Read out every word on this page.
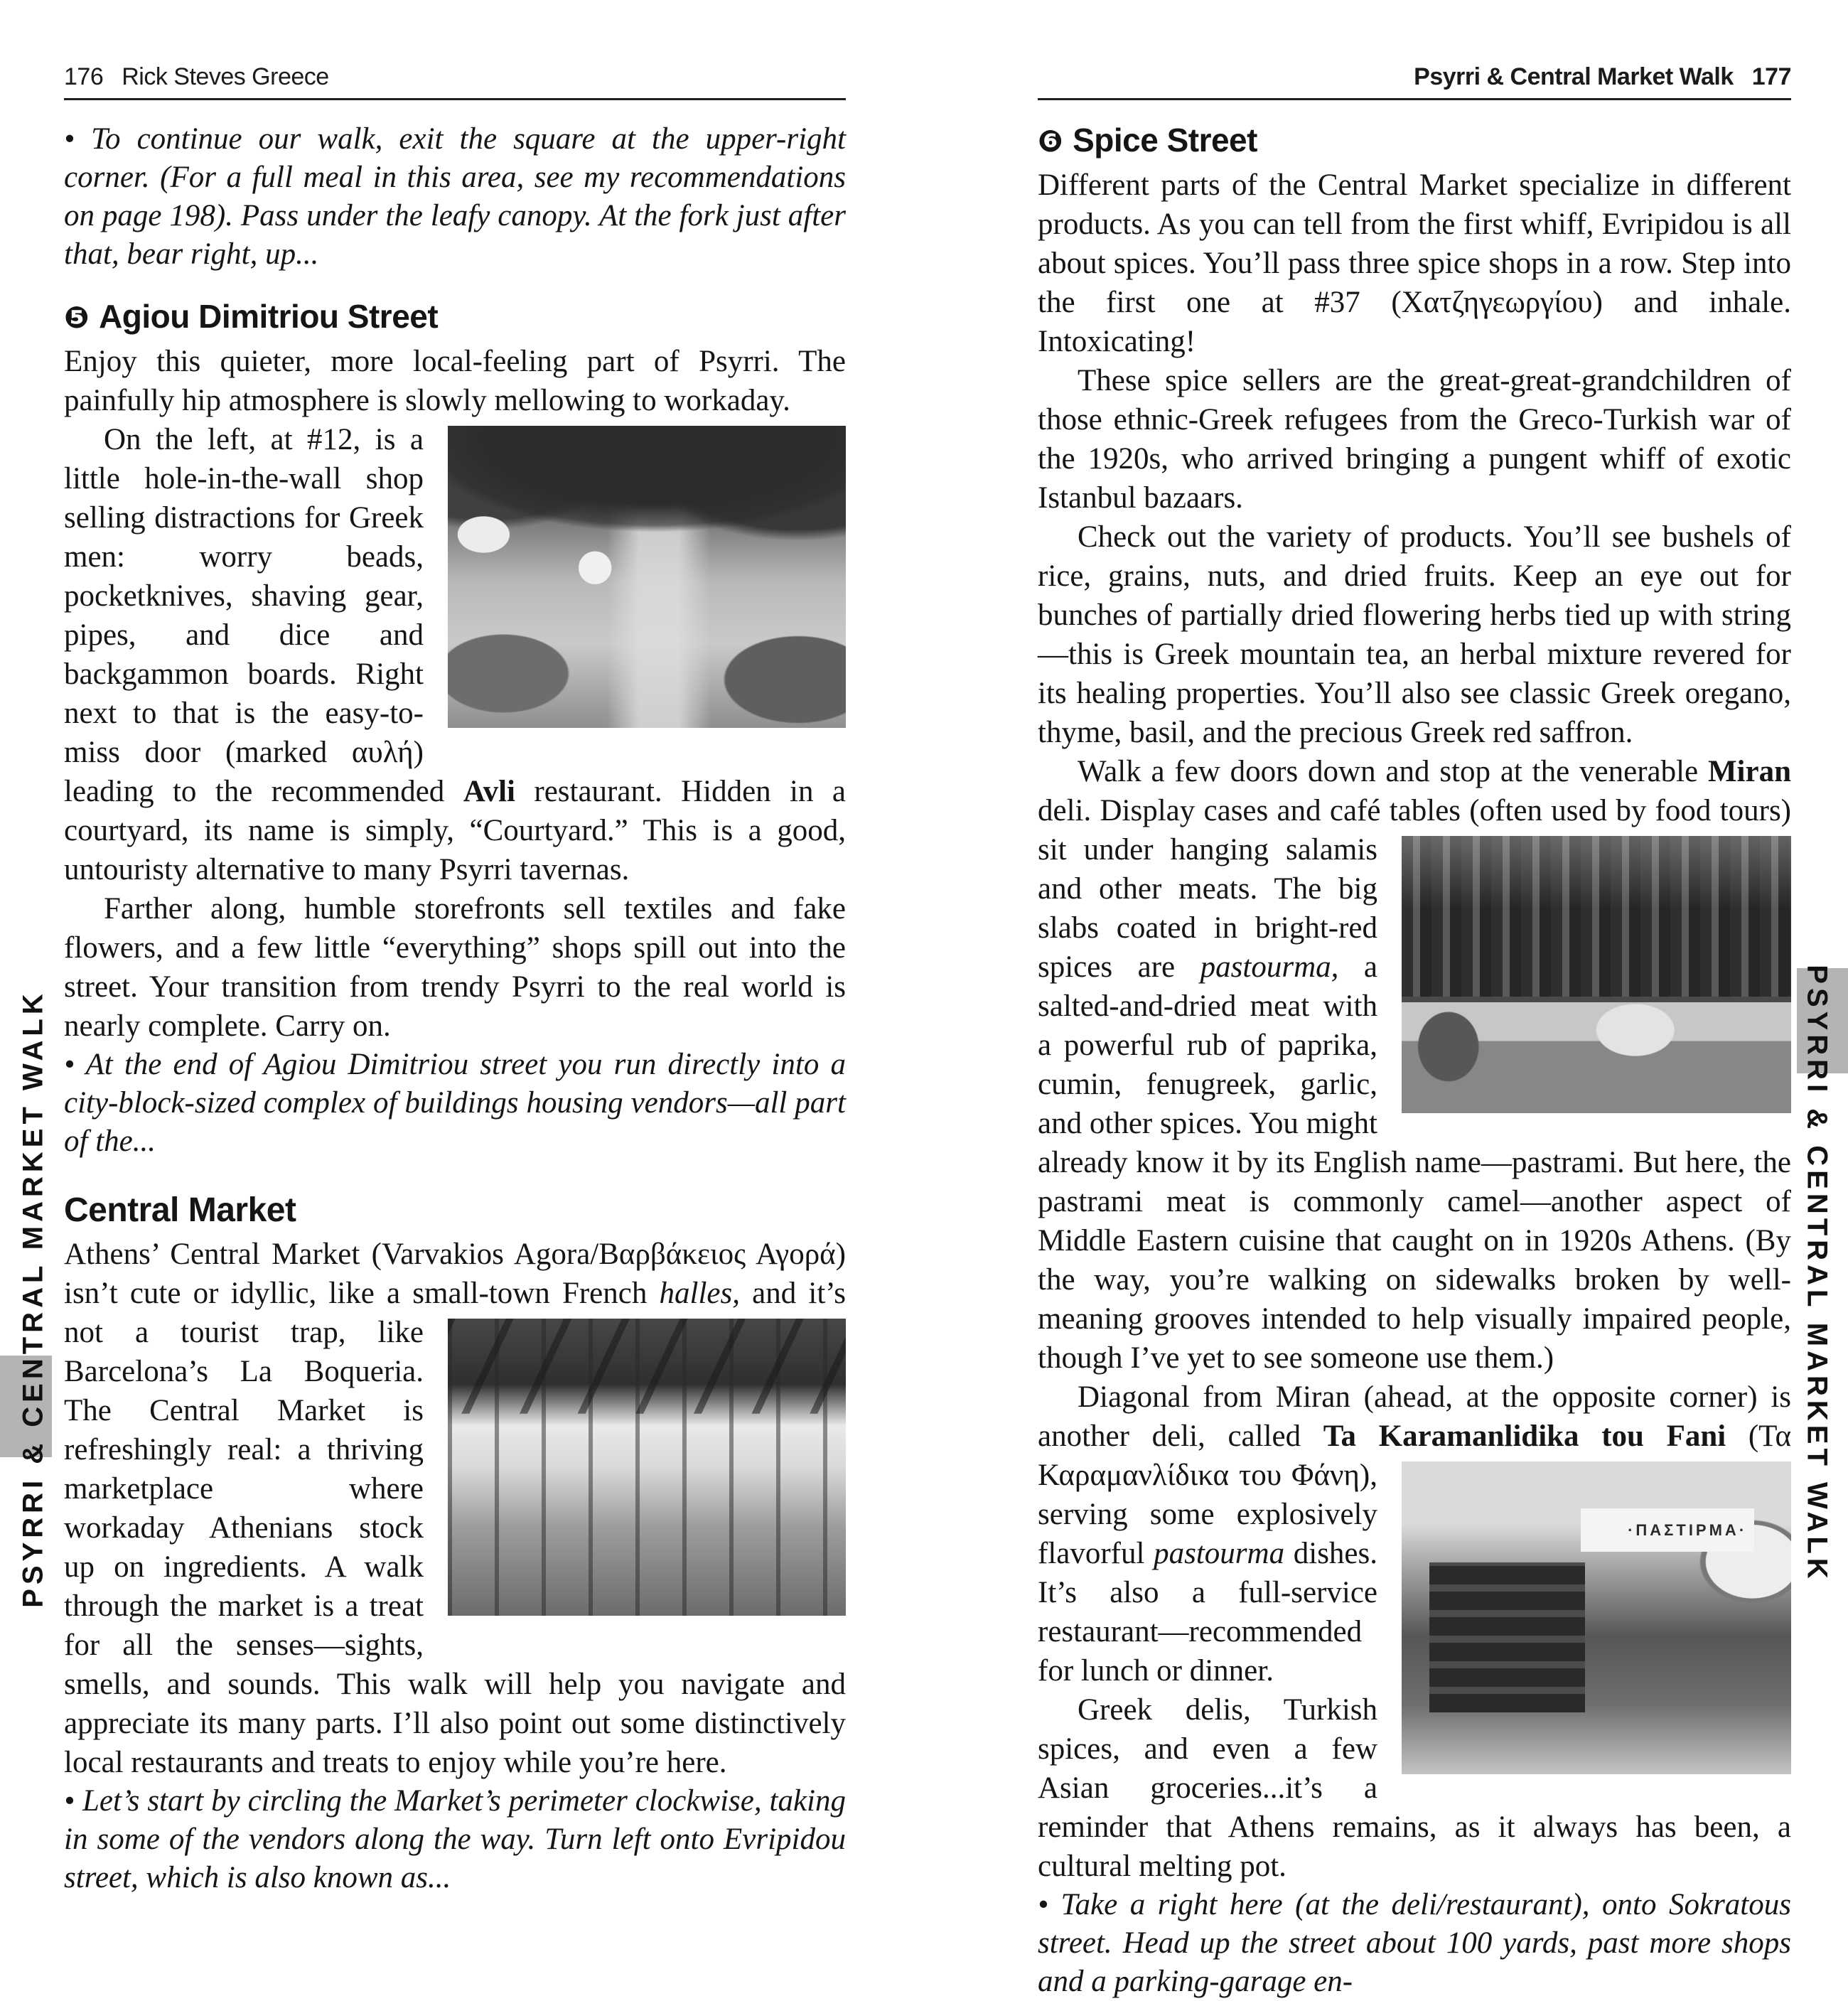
176 Rick Steves Greece

• To continue our walk, exit the square at the upper-right corner. (For a full meal in this area, see my recommendations on page 198). Pass under the leafy canopy. At the fork just after that, bear right, up...

❺ Agiou Dimitriou Street

Enjoy this quieter, more local-feeling part of Psyrri. The painfully hip atmosphere is slowly mellowing to workaday.

On the left, at #12, is a little hole-in-the-wall shop selling distractions for Greek men: worry beads, pocketknives, shaving gear, pipes, and dice and backgammon boards. Right next to that is the easy-to-miss door (marked αυλή) leading to the recommended Avli restaurant. Hidden in a courtyard, its name is simply, “Courtyard.” This is a good, untouristy alternative to many Psyrri tavernas.

Farther along, humble storefronts sell textiles and fake flowers, and a few little “everything” shops spill out into the street. Your transition from trendy Psyrri to the real world is nearly complete. Carry on.

• At the end of Agiou Dimitriou street you run directly into a city-block-sized complex of buildings housing vendors—all part of the...

Central Market

Athens’ Central Market (Varvakios Agora/Βαρβάκειος Αγορά) isn’t cute or idyllic, like a small-town French halles, and it’s not a
tourist trap, like Barcelona’s La Boqueria. The Central Market is refreshingly real: a thriving marketplace where workaday Athenians stock up on ingredients. A walk through the market is a treat for all the senses—sights, smells, and sounds. This walk will help you navigate and appreciate its many parts. I’ll also point out some distinctively local restaurants and treats to enjoy while you’re here.

• Let’s start by circling the Market’s perimeter clockwise, taking in some of the vendors along the way. Turn left onto Evripidou street, which is also known as...

Psyrri & Central Market Walk 177
❻ Spice Street

Different parts of the Central Market specialize in different products. As you can tell from the first whiff, Evripidou is all about spices. You’ll pass three spice shops in a row. Step into the first one at #37 (Χατζηγεωργίου) and inhale. Intoxicating!

These spice sellers are the great-great-grandchildren of those ethnic-Greek refugees from the Greco-Turkish war of the 1920s, who arrived bringing a pungent whiff of exotic Istanbul bazaars.

Check out the variety of products. You’ll see bushels of rice, grains, nuts, and dried fruits. Keep an eye out for bunches of partially dried flowering herbs tied up with string—this is Greek mountain tea, an herbal mixture revered for its healing properties. You’ll also see classic Greek oregano, thyme, basil, and the precious Greek red saffron.

Walk a few doors down and stop at the venerable Miran deli. Display cases and café tables (often used by food tours) sit under
hanging salamis and other meats. The big slabs coated in bright-red spices are pastourma, a salted-and-dried meat with a powerful rub of paprika, cumin, fenugreek, garlic, and other spices. You might already know it by its English name—pastrami. But here, the pastrami meat is commonly camel—another aspect of Middle Eastern cuisine that caught on in 1920s Athens. (By the way, you’re walking on sidewalks broken by well-meaning grooves intended to help visually impaired people, though I’ve yet to see someone use them.)

Diagonal from Miran (ahead, at the opposite corner) is another deli, called Ta Karamanlidika tou Fani (Τα Καραμανλίδικα
·ΠΑΣΤΙΡΜΑ·
του Φάνη), serving some explosively flavorful pastourma dishes. It’s also a full-service restaurant—recommended for lunch or dinner.

Greek delis, Turkish spices, and even a few Asian groceries...it’s a reminder that Athens remains, as it always has been, a cultural melting pot.

• Take a right here (at the deli/restaurant), onto Sokratous street. Head up the street about 100 yards, past more shops and a parking-garage en-

PSYRRI & CENTRAL MARKET WALK	PSYRRI & CENTRAL MARKET WALK
